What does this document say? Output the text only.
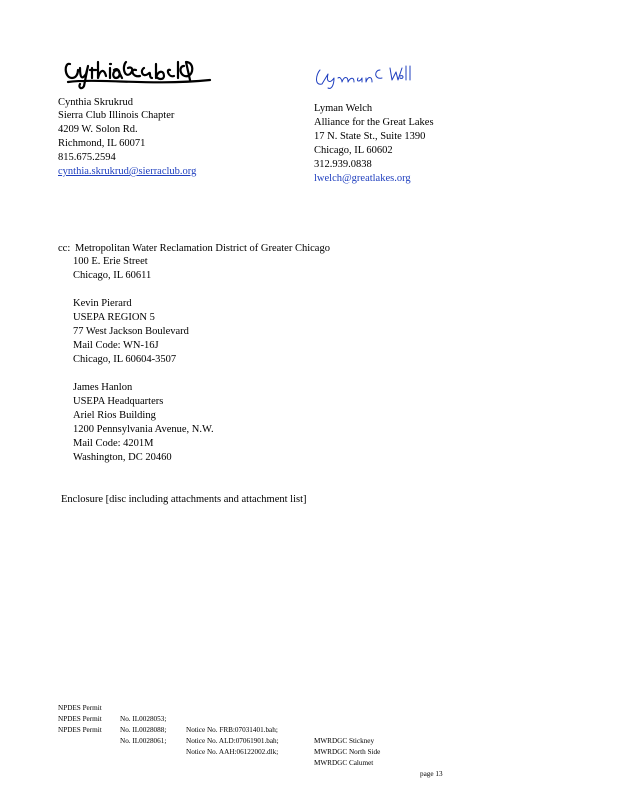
Cynthia Skrukrud
Sierra Club Illinois Chapter
4209 W. Solon Rd.
Richmond, IL 60071
815.675.2594
cynthia.skrukrud@sierraclub.org
Lyman Welch
Alliance for the Great Lakes
17 N. State St., Suite 1390
Chicago, IL 60602
312.939.0838
lwelch@greatlakes.org
cc: Metropolitan Water Reclamation District of Greater Chicago
100 E. Erie Street
Chicago, IL 60611
Kevin Pierard
USEPA REGION 5
77 West Jackson Boulevard
Mail Code: WN-16J
Chicago, IL 60604-3507
James Hanlon
USEPA Headquarters
Ariel Rios Building
1200 Pennsylvania Avenue, N.W.
Mail Code: 4201M
Washington, DC 20460
Enclosure [disc including attachments and attachment list]

NPDES Permit

No. IL0028053;

Notice No. FRB:07031401.bah;

MWRDGC Stickney

NPDES Permit

No. IL0028088;

Notice No. ALD:07061901.bah;

MWRDGC North Side

NPDES Permit

No. IL0028061;

Notice No. AAH:06122002.dlk;

MWRDGC Calumet

page 13
